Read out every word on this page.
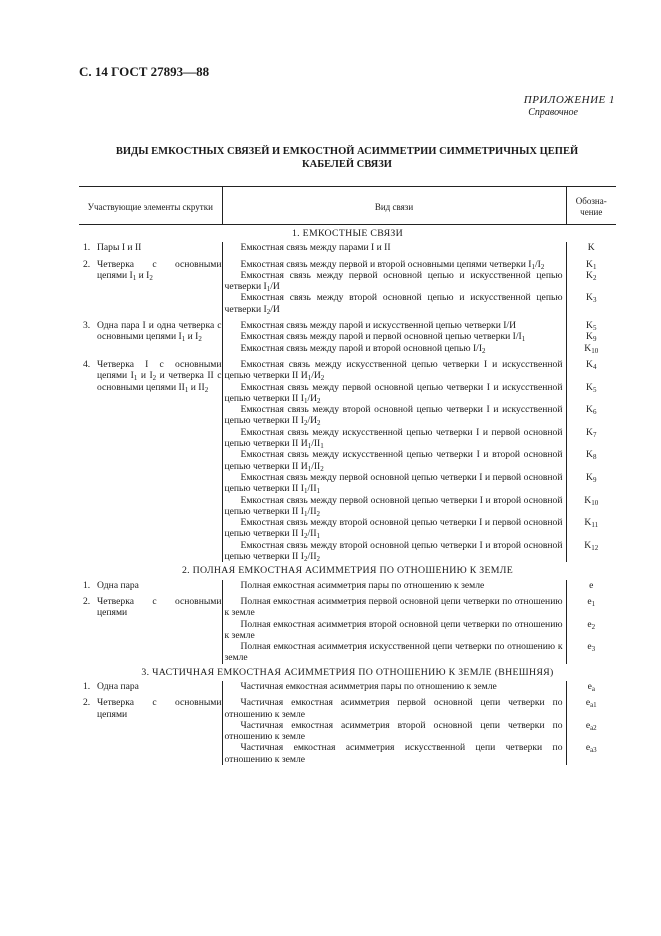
С. 14 ГОСТ 27893—88
ПРИЛОЖЕНИЕ 1
Справочное
ВИДЫ ЕМКОСТНЫХ СВЯЗЕЙ И ЕМКОСТНОЙ АСИММЕТРИИ СИММЕТРИЧНЫХ ЦЕПЕЙ
КАБЕЛЕЙ СВЯЗИ
Участвующие элементы скрутки	Вид связи	Обозна-чение
1. ЕМКОСТНЫЕ СВЯЗИ		

1. Пары I и II	Емкостная связь между парами I и II	K

2. Четверка с основными цепями $I_1$ и $I_2$	Емкостная связь между первой и второй основными цепями четверки $I_1/I_2$	$K_1$

	Емкостная связь между первой основной цепью и искусственной цепью четверки $I_1/И$	$K_2$

	Емкостная связь между второй основной цепью и искусственной цепью четверки $I_2/И$	$K_3$

3. Одна пара I и одна четверка с основными цепями $I_1$ и $I_2$	Емкостная связь между парой и искусственной цепью четверки I/И	$K_5$

	Емкостная связь между парой и первой основной цепью четверки $I/I_1$	$K_9$

	Емкостная связь между парой и второй основной цепью $I/I_2$	$K_{10}$

4. Четверка I с основными цепями $I_1$ и $I_2$ и четверка II с основными цепями $II_1$ и $II_2$	Емкостная связь между искусственной цепью четверки I и искусственной цепью четверки II $И_1/И_2$	$K_4$

	Емкостная связь между первой основной цепью четверки I и искусственной цепью четверки II $I_1/И_2$	$K_5$

	Емкостная связь между второй основной цепью четверки I и искусственной цепью четверки II $I_2/И_2$	$K_6$

	Емкостная связь между искусственной цепью четверки I и первой основной цепью четверки II $И_1/II_1$	$K_7$

	Емкостная связь между искусственной цепью четверки I и второй основной цепью четверки II $И_1/II_2$	$K_8$

	Емкостная связь между первой основной цепью четверки I и первой основной цепью четверки II $I_1/II_1$	$K_9$

	Емкостная связь между первой основной цепью четверки I и второй основной цепью четверки II $I_1/II_2$	$K_{10}$

	Емкостная связь между второй основной цепью четверки I и первой основной цепью четверки II $I_2/II_1$	$K_{11}$

	Емкостная связь между второй основной цепью четверки I и второй основной цепью четверки II $I_2/II_2$	$K_{12}$
2. ПОЛНАЯ ЕМКОСТНАЯ АСИММЕТРИЯ ПО ОТНОШЕНИЮ К ЗЕМЛЕ		

1. Одна пара	Полная емкостная асимметрия пары по отношению к земле	e

2. Четверка с основными цепями	Полная емкостная асимметрия первой основной цепи четверки по отношению к земле	$e_1$

	Полная емкостная асимметрия второй основной цепи четверки по отношению к земле	$e_2$

	Полная емкостная асимметрия искусственной цепи четверки по отношению к земле	$e_3$
3. ЧАСТИЧНАЯ ЕМКОСТНАЯ АСИММЕТРИЯ ПО ОТНОШЕНИЮ К ЗЕМЛЕ (ВНЕШНЯЯ)		

1. Одна пара	Частичная емкостная асимметрия пары по отношению к земле	$e_a$

2. Четверка с основными цепями	Частичная емкостная асимметрия первой основной цепи четверки по отношению к земле	$e_{a1}$

	Частичная емкостная асимметрия второй основной цепи четверки по отношению к земле	$e_{a2}$

	Частичная емкостная асимметрия искусственной цепи четверки по отношению к земле	$e_{a3}$
